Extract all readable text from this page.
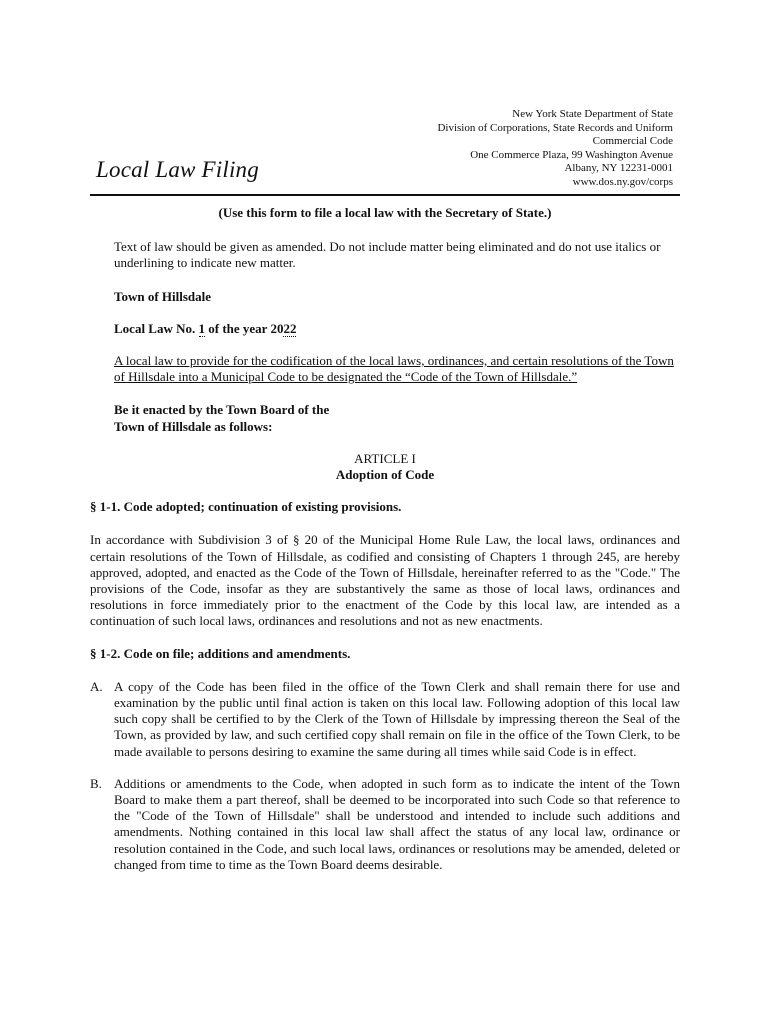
New York State Department of State
Division of Corporations, State Records and Uniform
Commercial Code
One Commerce Plaza, 99 Washington Avenue
Albany, NY 12231-0001
www.dos.ny.gov/corps
Local Law Filing
(Use this form to file a local law with the Secretary of State.)
Text of law should be given as amended. Do not include matter being eliminated and do not use italics or underlining to indicate new matter.
Town of Hillsdale
Local Law No. 1 of the year 2022
A local law to provide for the codification of the local laws, ordinances, and certain resolutions of the Town of Hillsdale into a Municipal Code to be designated the “Code of the Town of Hillsdale.”
Be it enacted by the Town Board of the
Town of Hillsdale as follows:
ARTICLE I
Adoption of Code
§ 1-1. Code adopted; continuation of existing provisions.
In accordance with Subdivision 3 of § 20 of the Municipal Home Rule Law, the local laws, ordinances and certain resolutions of the Town of Hillsdale, as codified and consisting of Chapters 1 through 245, are hereby approved, adopted, and enacted as the Code of the Town of Hillsdale, hereinafter referred to as the "Code." The provisions of the Code, insofar as they are substantively the same as those of local laws, ordinances and resolutions in force immediately prior to the enactment of the Code by this local law, are intended as a continuation of such local laws, ordinances and resolutions and not as new enactments.
§ 1-2. Code on file; additions and amendments.
A. A copy of the Code has been filed in the office of the Town Clerk and shall remain there for use and examination by the public until final action is taken on this local law. Following adoption of this local law such copy shall be certified to by the Clerk of the Town of Hillsdale by impressing thereon the Seal of the Town, as provided by law, and such certified copy shall remain on file in the office of the Town Clerk, to be made available to persons desiring to examine the same during all times while said Code is in effect.
B. Additions or amendments to the Code, when adopted in such form as to indicate the intent of the Town Board to make them a part thereof, shall be deemed to be incorporated into such Code so that reference to the "Code of the Town of Hillsdale" shall be understood and intended to include such additions and amendments. Nothing contained in this local law shall affect the status of any local law, ordinance or resolution contained in the Code, and such local laws, ordinances or resolutions may be amended, deleted or changed from time to time as the Town Board deems desirable.
